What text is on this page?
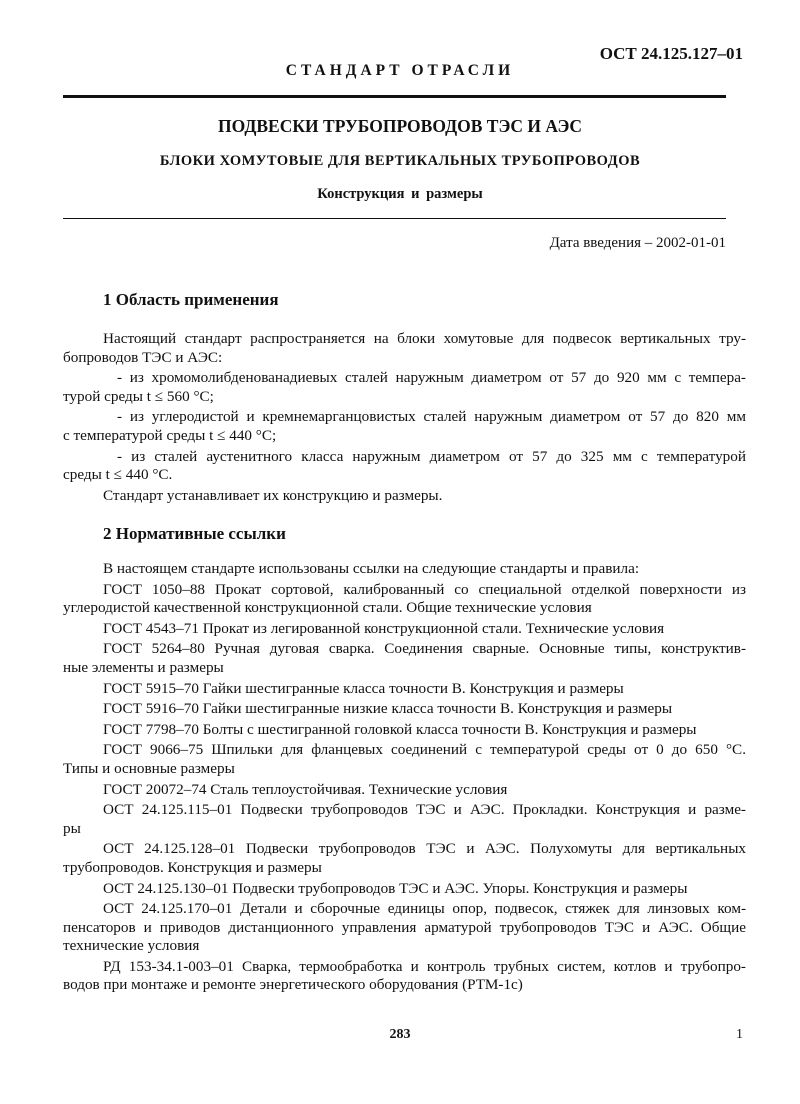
ОСТ 24.125.127–01
СТАНДАРТ ОТРАСЛИ
ПОДВЕСКИ ТРУБОПРОВОДОВ ТЭС И АЭС
БЛОКИ ХОМУТОВЫЕ ДЛЯ ВЕРТИКАЛЬНЫХ ТРУБОПРОВОДОВ
Конструкция и размеры
Дата введения – 2002-01-01
1 Область применения
Настоящий стандарт распространяется на блоки хомутовые для подвесок вертикальных тру-
бопроводов ТЭС и АЭС:
- из хромомолибденованадиевых сталей наружным диаметром от 57 до 920 мм с темпера-
турой среды t ≤ 560 °С;
- из углеродистой и кремнемарганцовистых сталей наружным диаметром от 57 до 820 мм
с температурой среды t ≤ 440 °С;
- из сталей аустенитного класса наружным диаметром от 57 до 325 мм с температурой
среды t ≤ 440 °С.
Стандарт устанавливает их конструкцию и размеры.
2 Нормативные ссылки
В настоящем стандарте использованы ссылки на следующие стандарты и правила:
ГОСТ 1050–88 Прокат сортовой, калиброванный со специальной отделкой поверхности из
углеродистой качественной конструкционной стали. Общие технические условия
ГОСТ 4543–71 Прокат из легированной конструкционной стали. Технические условия
ГОСТ 5264–80 Ручная дуговая сварка. Соединения сварные. Основные типы, конструктив-
ные элементы и размеры
ГОСТ 5915–70 Гайки шестигранные класса точности В. Конструкция и размеры
ГОСТ 5916–70 Гайки шестигранные низкие класса точности В. Конструкция и размеры
ГОСТ 7798–70 Болты с шестигранной головкой класса точности В. Конструкция и размеры
ГОСТ 9066–75 Шпильки для фланцевых соединений с температурой среды от 0 до 650 °С.
Типы и основные размеры
ГОСТ 20072–74 Сталь теплоустойчивая. Технические условия
ОСТ 24.125.115–01 Подвески трубопроводов ТЭС и АЭС. Прокладки. Конструкция и разме-
ры
ОСТ 24.125.128–01 Подвески трубопроводов ТЭС и АЭС. Полухомуты для вертикальных
трубопроводов. Конструкция и размеры
ОСТ 24.125.130–01 Подвески трубопроводов ТЭС и АЭС. Упоры. Конструкция и размеры
ОСТ 24.125.170–01 Детали и сборочные единицы опор, подвесок, стяжек для линзовых ком-
пенсаторов и приводов дистанционного управления арматурой трубопроводов ТЭС и АЭС. Общие
технические условия
РД 153-34.1-003–01 Сварка, термообработка и контроль трубных систем, котлов и трубопро-
водов при монтаже и ремонте энергетического оборудования (РТМ-1с)
283	1
